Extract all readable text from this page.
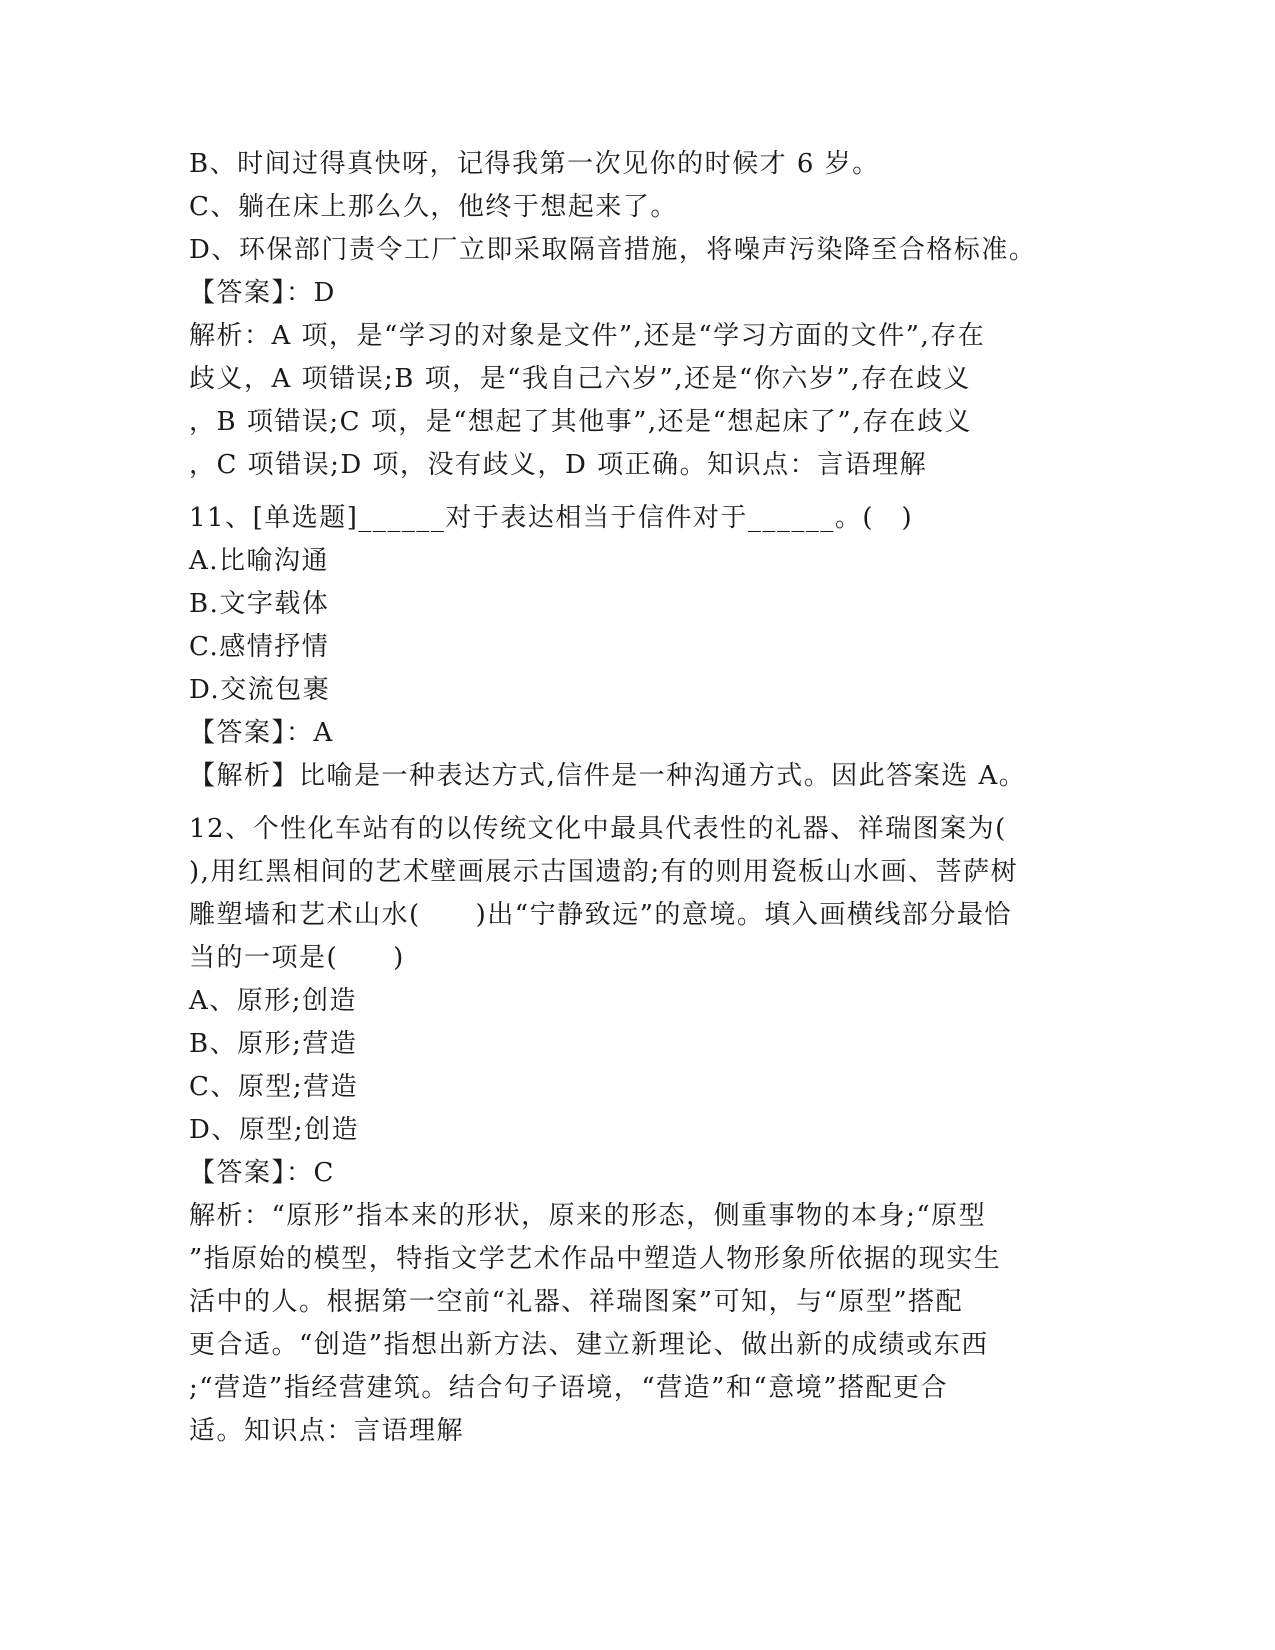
B、时间过得真快呀，记得我第一次见你的时候才 6 岁。
C、躺在床上那么久，他终于想起来了。
D、环保部门责令工厂立即采取隔音措施，将噪声污染降至合格标准。
【答案】：D
解析：A 项，是“学习的对象是文件”,还是“学习方面的文件”,存在
歧义，A 项错误;B 项，是“我自己六岁”,还是“你六岁”,存在歧义
，B 项错误;C 项，是“想起了其他事”,还是“想起床了”,存在歧义
，C 项错误;D 项，没有歧义，D 项正确。知识点：言语理解
11、[单选题]______对于表达相当于信件对于______。(　)
A.比喻沟通
B.文字载体
C.感情抒情
D.交流包裹
【答案】：A
【解析】比喻是一种表达方式,信件是一种沟通方式。因此答案选 A。
12、个性化车站有的以传统文化中最具代表性的礼器、祥瑞图案为(
),用红黑相间的艺术壁画展示古国遗韵;有的则用瓷板山水画、菩萨树
雕塑墙和艺术山水(　　)出“宁静致远”的意境。填入画横线部分最恰
当的一项是(　　)
A、原形;创造
B、原形;营造
C、原型;营造
D、原型;创造
【答案】：C
解析：“原形”指本来的形状，原来的形态，侧重事物的本身;“原型
”指原始的模型，特指文学艺术作品中塑造人物形象所依据的现实生
活中的人。根据第一空前“礼器、祥瑞图案”可知，与“原型”搭配
更合适。“创造”指想出新方法、建立新理论、做出新的成绩或东西
;“营造”指经营建筑。结合句子语境，“营造”和“意境”搭配更合
适。知识点：言语理解
